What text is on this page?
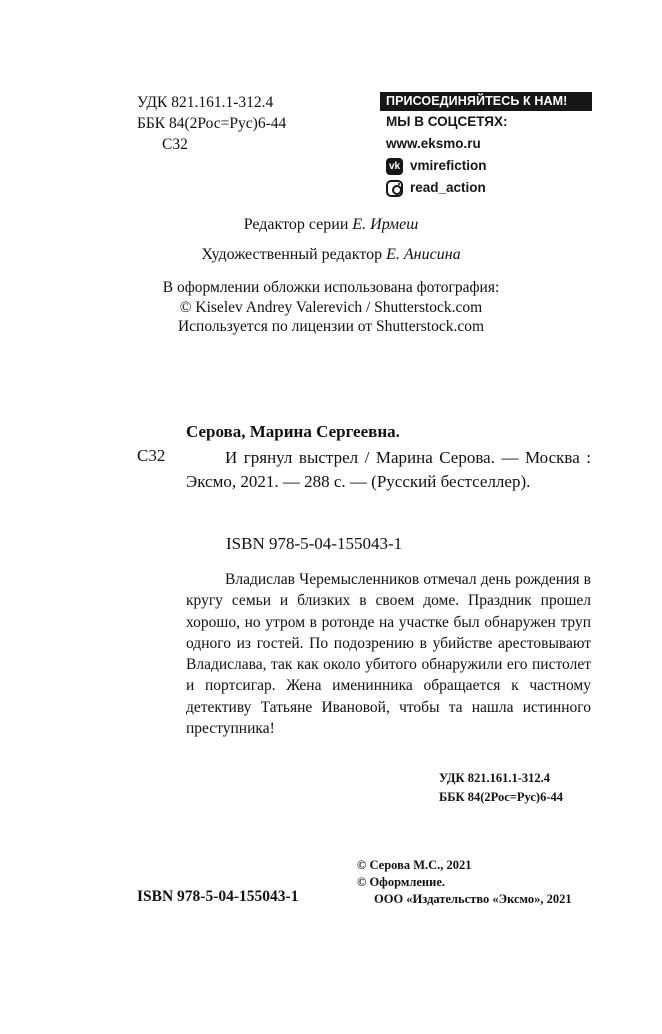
УДК 821.161.1-312.4
ББК 84(2Рос=Рус)6-44
С32
ПРИСОЕДИНЯЙТЕСЬ К НАМ!
МЫ В СОЦСЕТЯХ:
www.eksmo.ru
vk vmirefiction
read_action
Редактор серии Е. Ирмеш
Художественный редактор Е. Анисина
В оформлении обложки использована фотография:
© Kiselev Andrey Valerevich / Shutterstock.com
Используется по лицензии от Shutterstock.com
Серова, Марина Сергеевна.
С32	И грянул выстрел / Марина Серова. — Москва : Эксмо, 2021. — 288 с. — (Русский бестселлер).
ISBN 978-5-04-155043-1
Владислав Черемысленников отмечал день рождения в кругу семьи и близких в своем доме. Праздник прошел хорошо, но утром в ротонде на участке был обнаружен труп одного из гостей. По подозрению в убийстве арестовывают Владислава, так как около убитого обнаружили его пистолет и портсигар. Жена именинника обращается к частному детективу Татьяне Ивановой, чтобы та нашла истинного преступника!
УДК 821.161.1-312.4
ББК 84(2Рос=Рус)6-44
© Серова М.С., 2021
© Оформление.
ООО «Издательство «Эксмо», 2021
ISBN 978-5-04-155043-1
